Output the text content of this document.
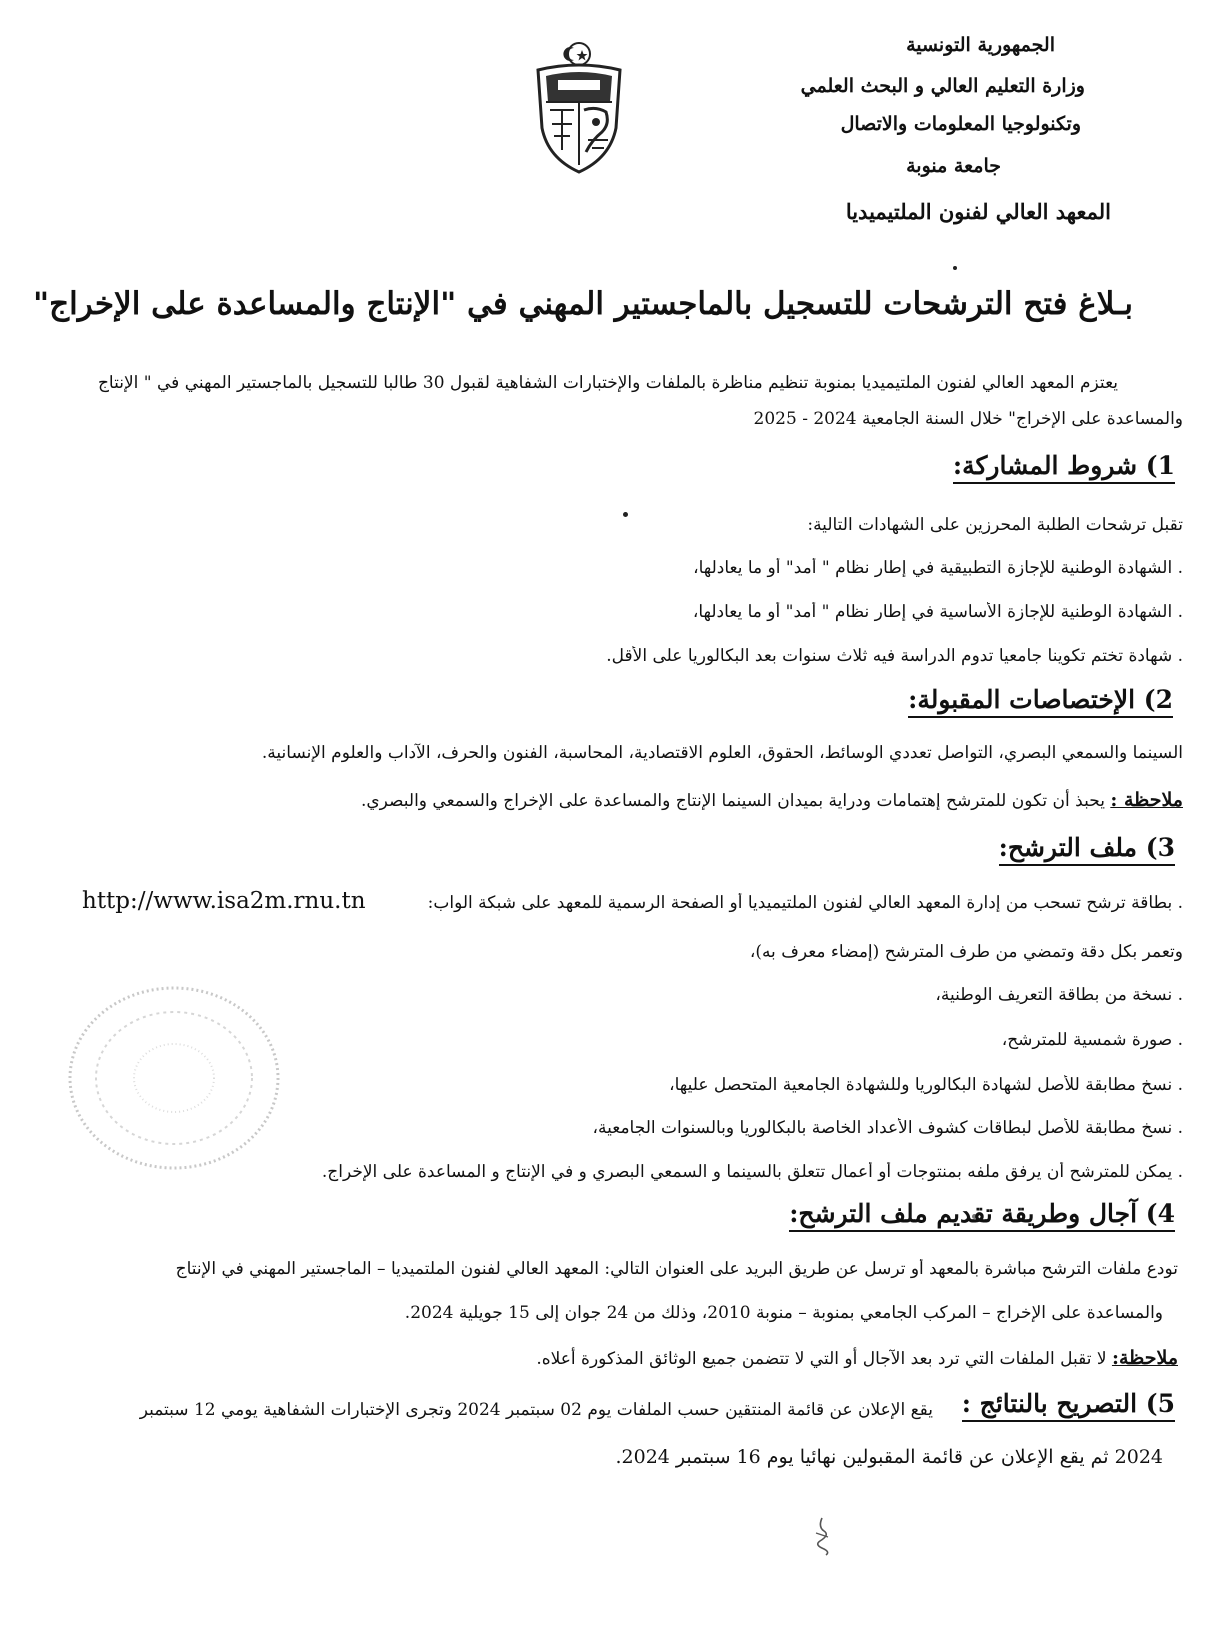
الجمهورية التونسية
وزارة التعليم العالي و البحث العلمي
وتكنولوجيا المعلومات والاتصال
جامعة منوبة
المعهد العالي لفنون الملتيميديا
بـلاغ فتح الترشحات للتسجيل بالماجستير المهني في "الإنتاج والمساعدة على الإخراج"
يعتزم المعهد العالي لفنون الملتيميديا بمنوبة تنظيم مناظرة بالملفات والإختبارات الشفاهية لقبول 30 طالبا للتسجيل بالماجستير المهني في " الإنتاج
والمساعدة على الإخراج" خلال السنة الجامعية 2024 - 2025
1) شروط المشاركة:
تقبل ترشحات الطلبة المحرزين على الشهادات التالية:
. الشهادة الوطنية للإجازة التطبيقية في إطار نظام " أمد" أو ما يعادلها،
. الشهادة الوطنية للإجازة الأساسية في إطار نظام " أمد" أو ما يعادلها،
. شهادة تختم تكوينا جامعيا تدوم الدراسة فيه ثلاث سنوات بعد البكالوريا على الأقل.
2) الإختصاصات المقبولة:
السينما والسمعي البصري، التواصل تعددي الوسائط، الحقوق، العلوم الاقتصادية، المحاسبة، الفنون والحرف، الآداب والعلوم الإنسانية.
ملاحظة : يحبذ أن تكون للمترشح إهتمامات ودراية بميدان السينما الإنتاج والمساعدة على الإخراج والسمعي والبصري.
3) ملف الترشح:
. بطاقة ترشح تسحب من إدارة المعهد العالي لفنون الملتيميديا أو الصفحة الرسمية للمعهد على شبكة الواب:
http://www.isa2m.rnu.tn
وتعمر بكل دقة وتمضي من طرف المترشح (إمضاء معرف به)،
. نسخة من بطاقة التعريف الوطنية،
. صورة شمسية للمترشح،
. نسخ مطابقة للأصل لشهادة البكالوريا وللشهادة الجامعية المتحصل عليها،
. نسخ مطابقة للأصل لبطاقات كشوف الأعداد الخاصة بالبكالوريا وبالسنوات الجامعية،
. يمكن للمترشح أن يرفق ملفه بمنتوجات أو أعمال تتعلق بالسينما و السمعي البصري و في الإنتاج و المساعدة على الإخراج.
4) آجال وطريقة تقديم ملف الترشح:
تودع ملفات الترشح مباشرة بالمعهد أو ترسل عن طريق البريد على العنوان التالي: المعهد العالي لفنون الملتميديا – الماجستير المهني في الإنتاج
والمساعدة على الإخراج – المركب الجامعي بمنوبة – منوبة 2010، وذلك من 24 جوان إلى 15 جويلية 2024.
ملاحظة: لا تقبل الملفات التي ترد بعد الآجال أو التي لا تتضمن جميع الوثائق المذكورة أعلاه.
5) التصريح بالنتائج :
يقع الإعلان عن قائمة المنتقين حسب الملفات يوم 02 سبتمبر 2024 وتجرى الإختبارات الشفاهية يومي 12 سبتمبر
2024 ثم يقع الإعلان عن قائمة المقبولين نهائيا يوم 16 سبتمبر 2024.
